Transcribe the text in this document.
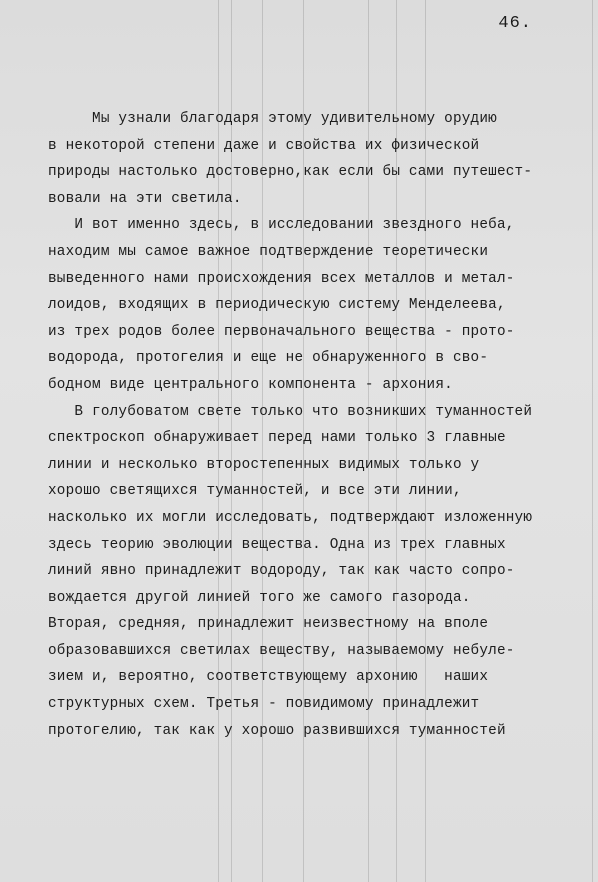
46.
Мы узнали благодаря этому удивительному орудию
в некоторой степени даже и свойства их физической
природы настолько достоверно,как если бы сами путешест-
вовали на эти светила.
И вот именно здесь, в исследовании звездного неба,
находим мы самое важное подтверждение теоретически
выведенного нами происхождения всех металлов и метал-
лоидов, входящих в периодическую систему Менделеева,
из трех родов более первоначального вещества - прото-
водорода, протогелия и еще не обнаруженного в сво-
бодном виде центрального компонента - архония.
В голубоватом свете только что возникших туманностей
спектроскоп обнаруживает перед нами только 3 главные
линии и несколько второстепенных видимых только у
хорошо светящихся туманностей, и все эти линии,
насколько их могли исследовать, подтверждают изложенную
здесь теорию эволюции вещества. Одна из трех главных
линий явно принадлежит водороду, так как часто сопро-
вождается другой линией того же самого газорода.
Вторая, средняя, принадлежит неизвестному на вполе
образовавшихся светилах веществу, называемому небуле-
зием и, вероятно, соответствующему архонию   наших
структурных схем. Третья - повидимому принадлежит
протогелию, так как у хорошо развившихся туманностей
